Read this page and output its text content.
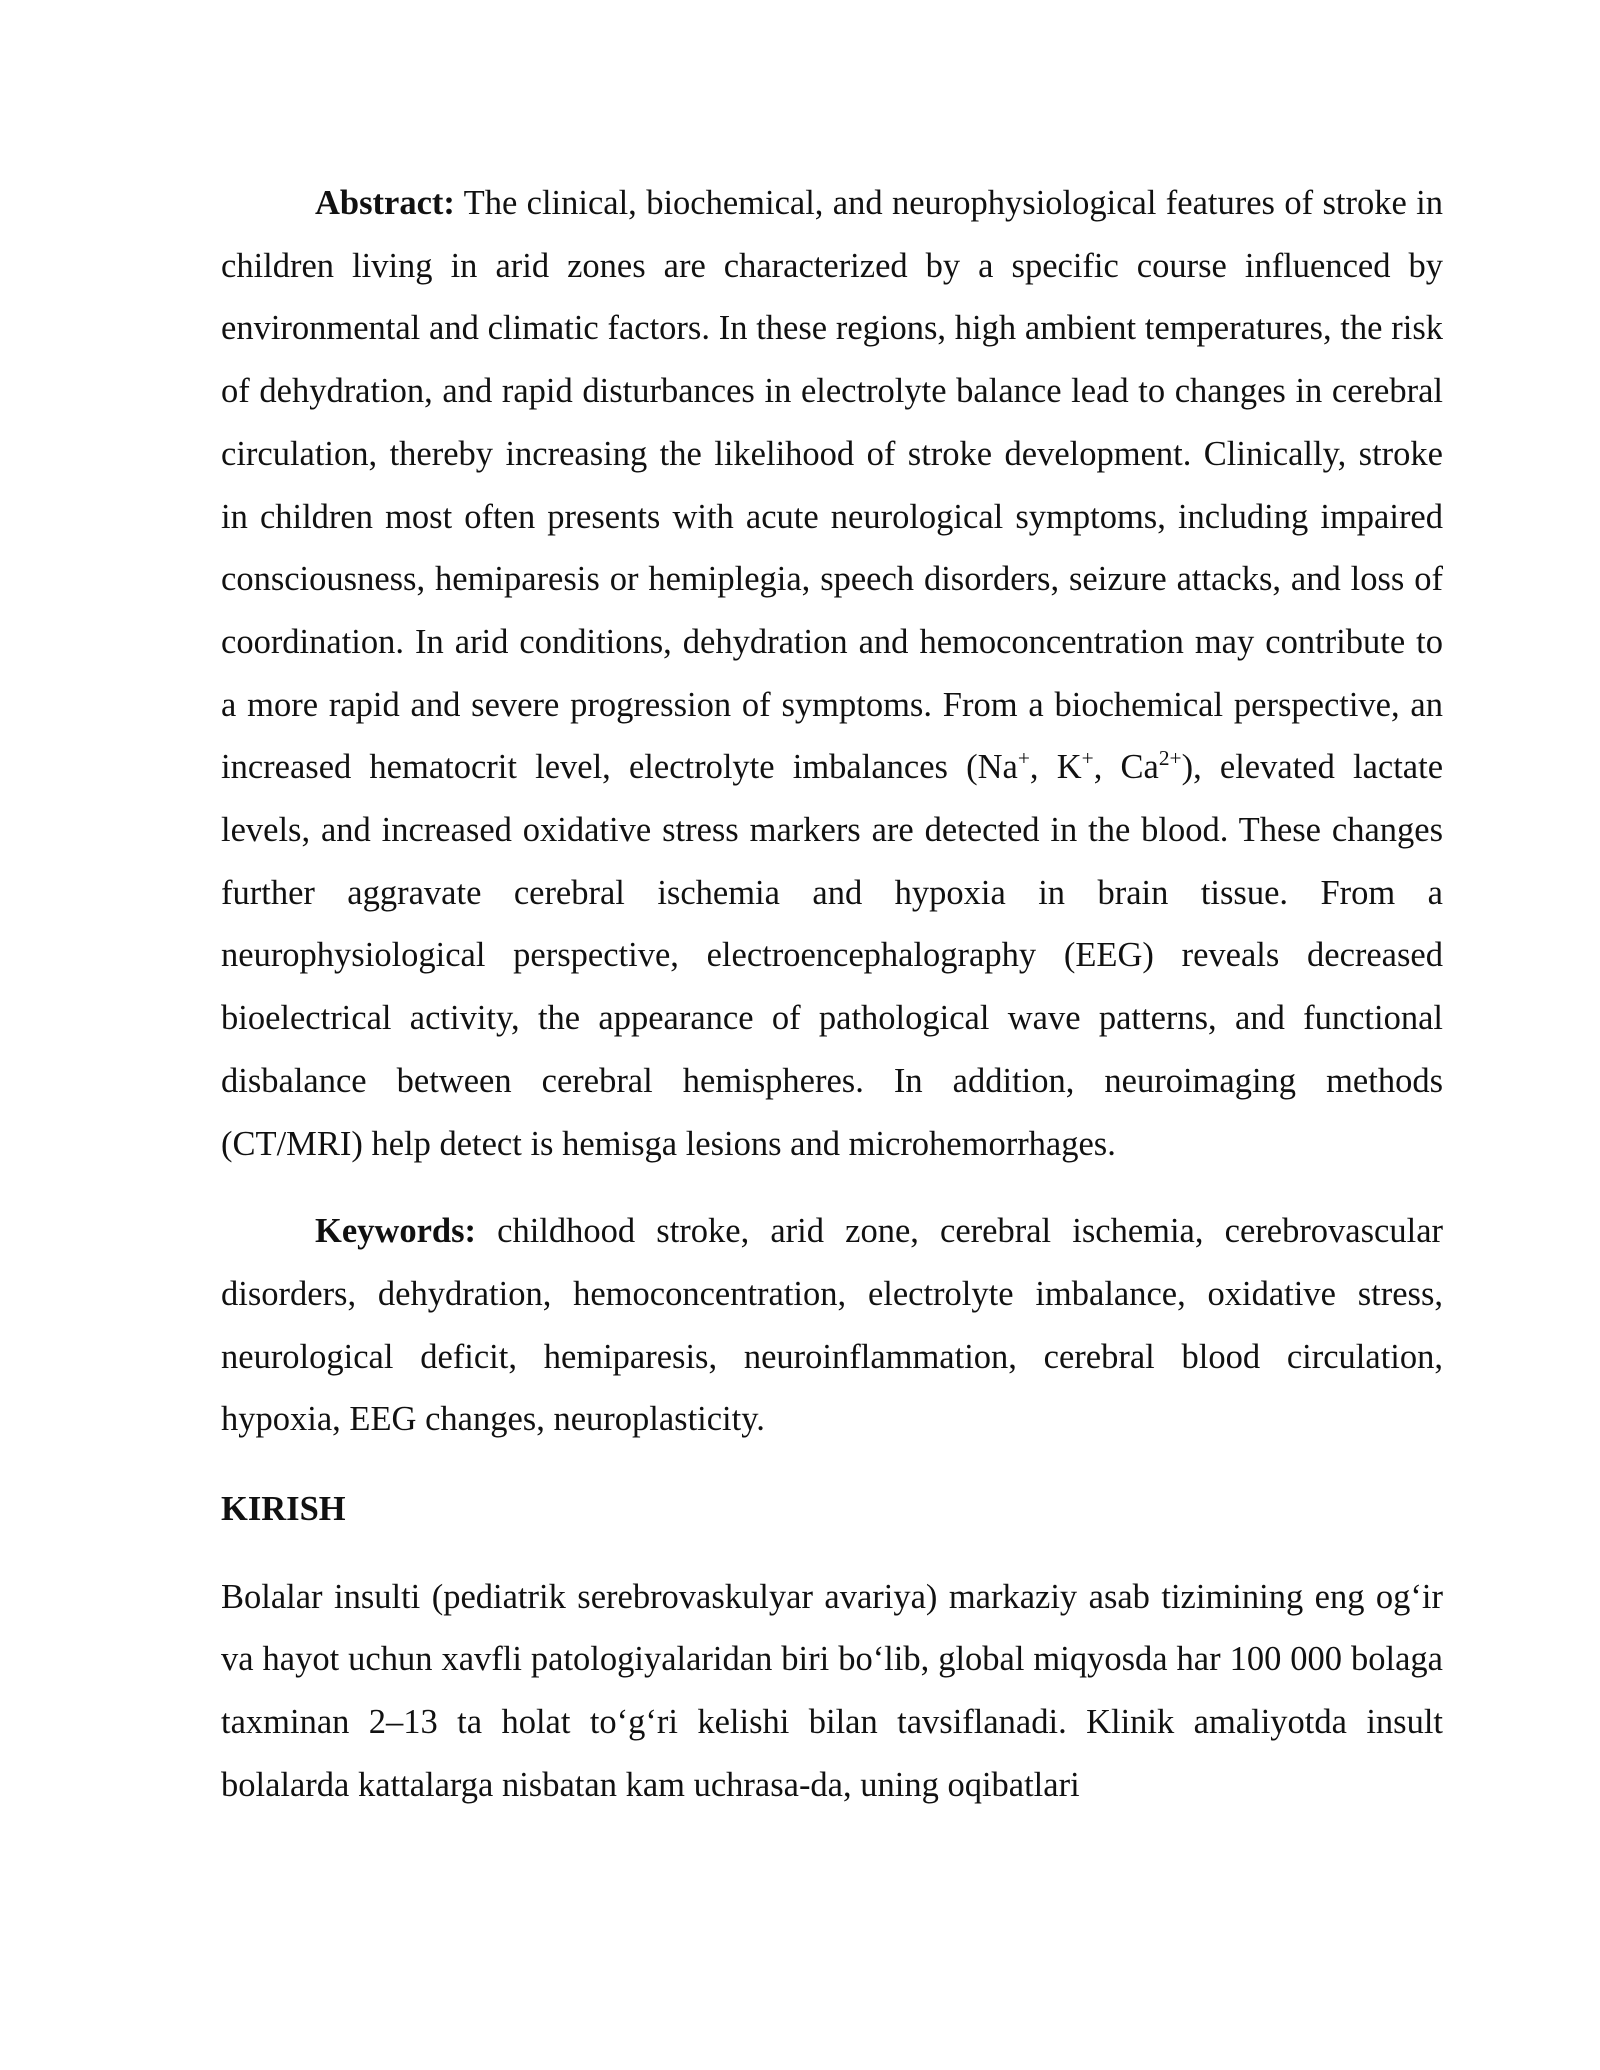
Abstract: The clinical, biochemical, and neurophysiological features of stroke in children living in arid zones are characterized by a specific course influenced by environmental and climatic factors. In these regions, high ambient temperatures, the risk of dehydration, and rapid disturbances in electrolyte balance lead to changes in cerebral circulation, thereby increasing the likelihood of stroke development. Clinically, stroke in children most often presents with acute neurological symptoms, including impaired consciousness, hemiparesis or hemiplegia, speech disorders, seizure attacks, and loss of coordination. In arid conditions, dehydration and hemoconcentration may contribute to a more rapid and severe progression of symptoms. From a biochemical perspective, an increased hematocrit level, electrolyte imbalances (Na+, K+, $Ca^{2+}$), elevated lactate levels, and increased oxidative stress markers are detected in the blood. These changes further aggravate cerebral ischemia and hypoxia in brain tissue. From a neurophysiological perspective, electroencephalography (EEG) reveals decreased bioelectrical activity, the appearance of pathological wave patterns, and functional disbalance between cerebral hemispheres. In addition, neuroimaging methods (CT/MRI) help detect is hemisga lesions and microhemorrhages.

Keywords: childhood stroke, arid zone, cerebral ischemia, cerebrovascular disorders, dehydration, hemoconcentration, electrolyte imbalance, oxidative stress, neurological deficit, hemiparesis, neuroinflammation, cerebral blood circulation, hypoxia, EEG changes, neuroplasticity.

KIRISH

Bolalar insulti (pediatrik serebrovaskulyar avariya) markaziy asab tizimining eng og‘ir va hayot uchun xavfli patologiyalaridan biri bo‘lib, global miqyosda har 100 000 bolaga taxminan 2–13 ta holat to‘g‘ri kelishi bilan tavsiflanadi. Klinik amaliyotda insult bolalarda kattalarga nisbatan kam uchrasa-da, uning oqibatlari
